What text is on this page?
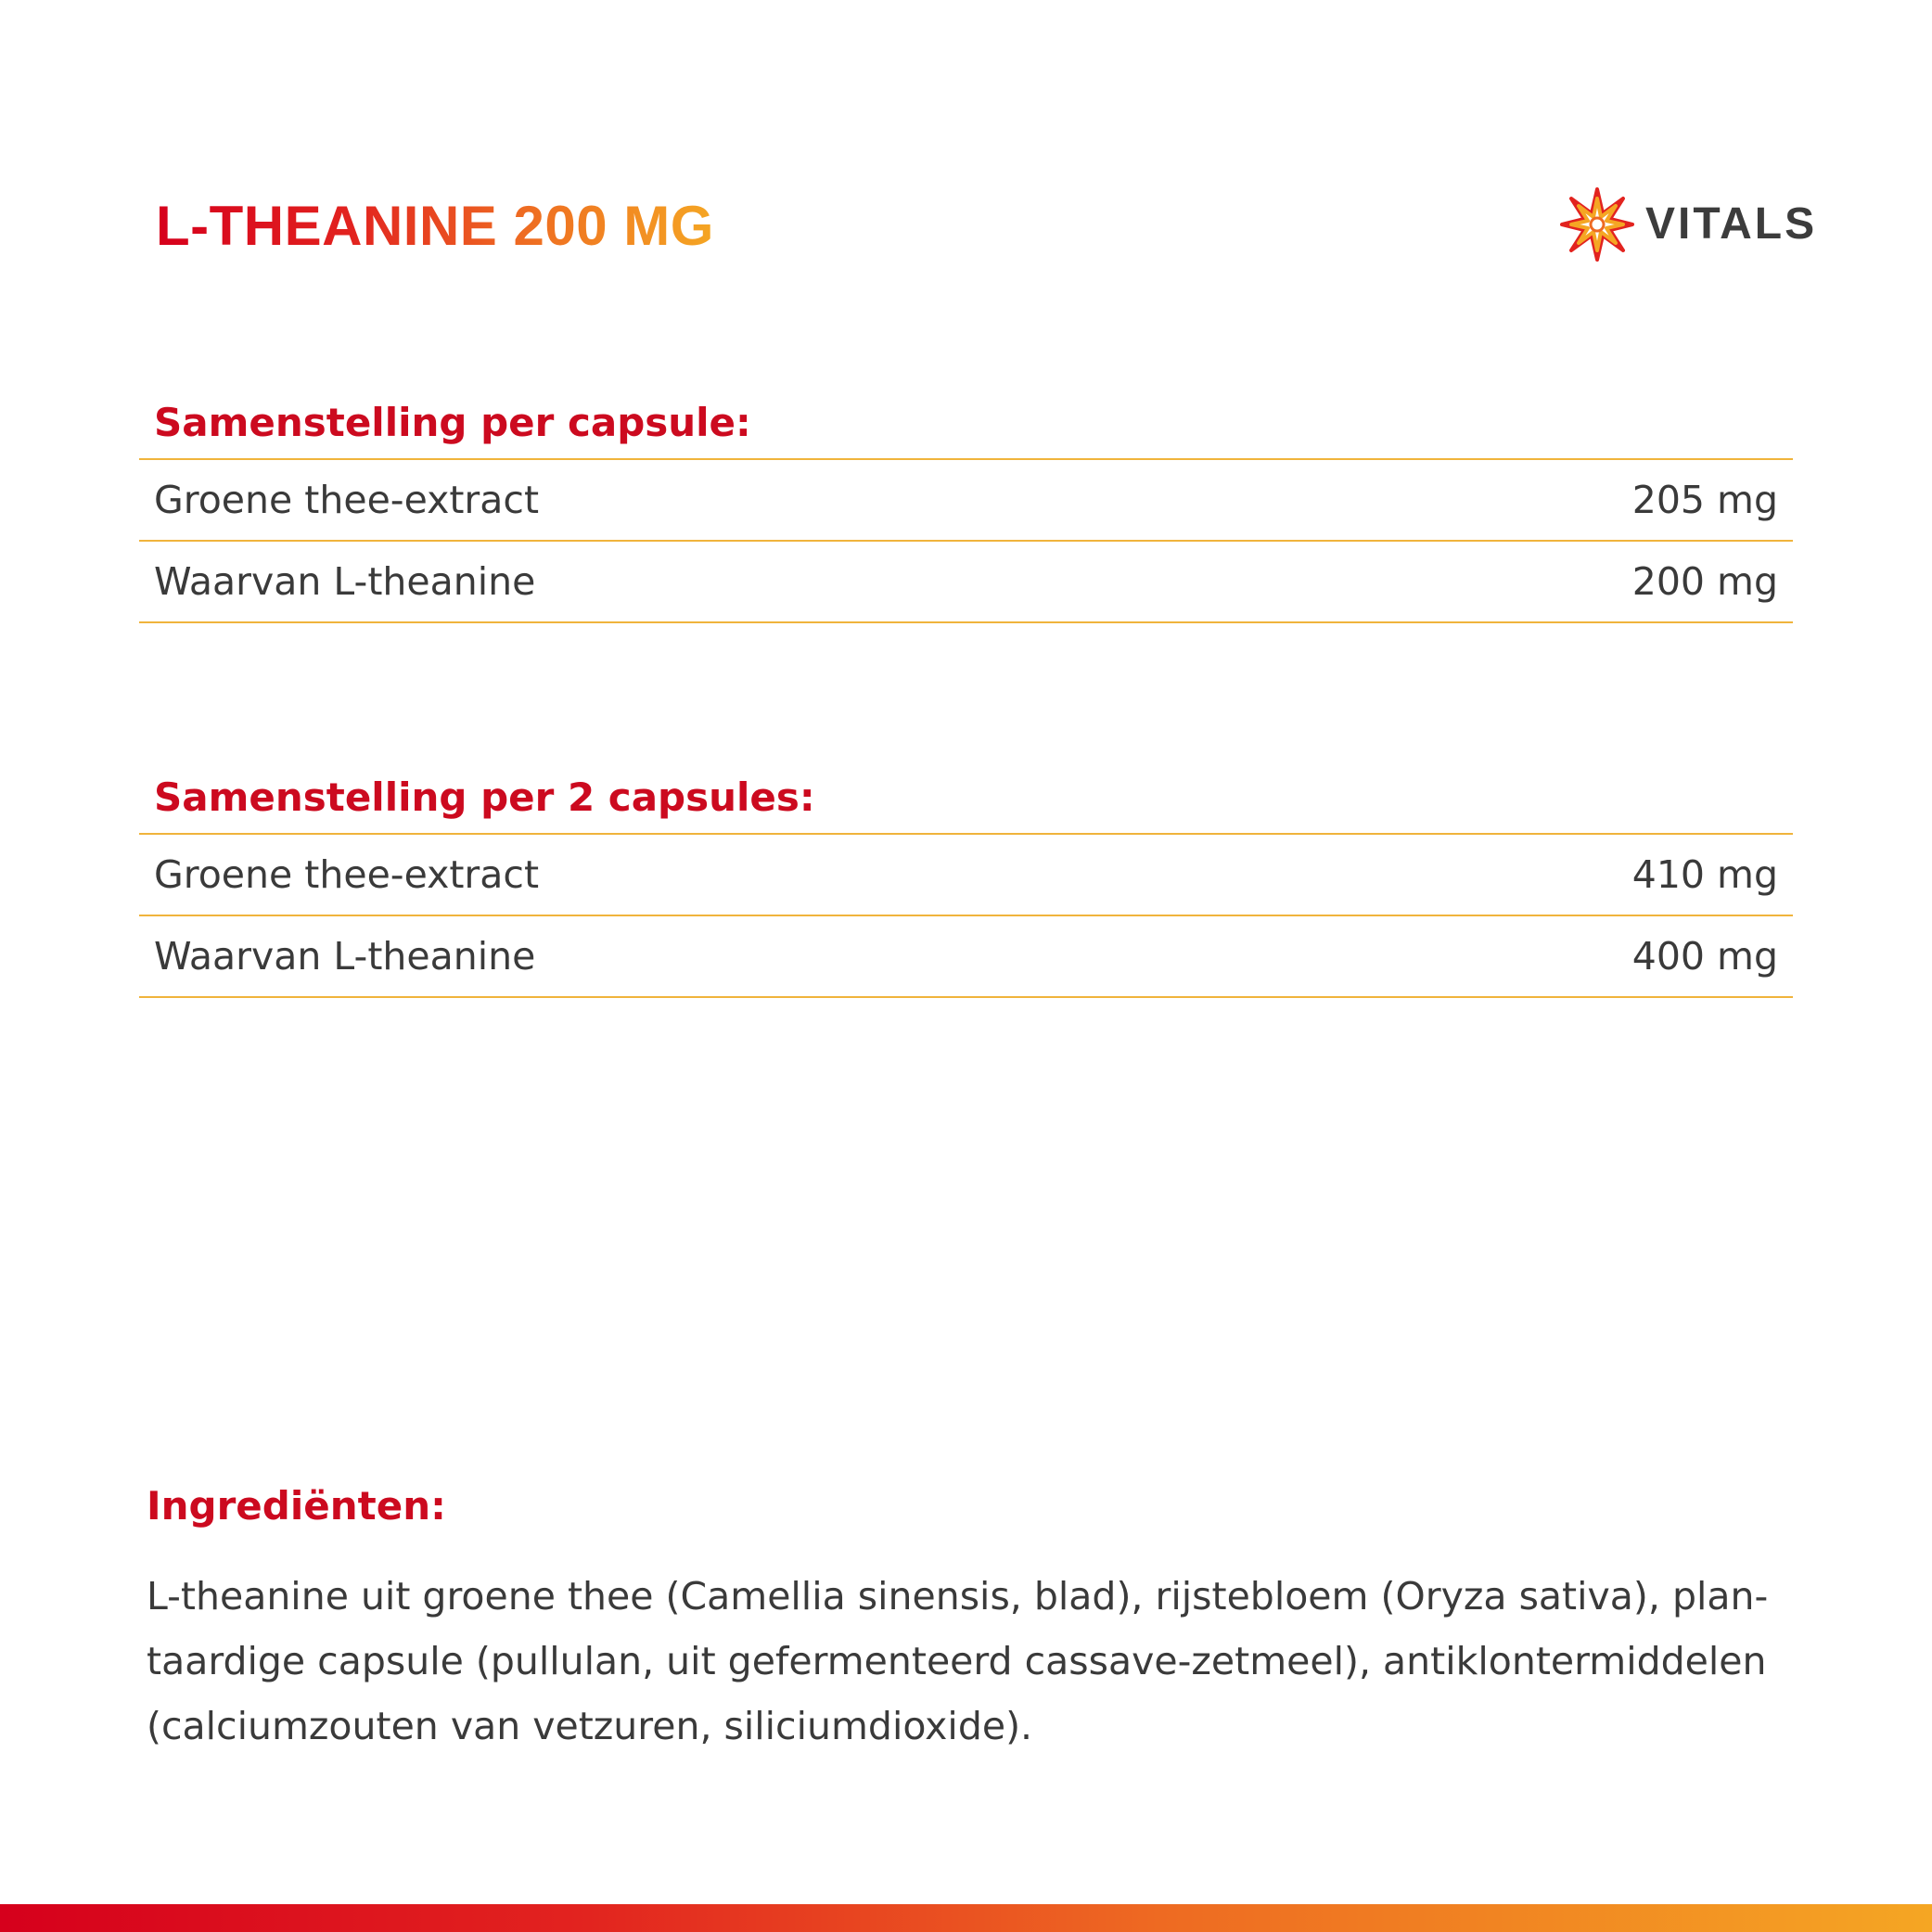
L-THEANINE 200 MG	VITALS
Samenstelling per capsule:
Groene thee-extract	205 mg
Waarvan L-theanine	200 mg
Samenstelling per 2 capsules:
Groene thee-extract	410 mg
Waarvan L-theanine	400 mg
Ingrediënten:
L-theanine uit groene thee (Camellia sinensis, blad), rijstebloem (Oryza sativa), plan-
taardige capsule (pullulan, uit gefermenteerd cassave-zetmeel), antiklontermiddelen
(calciumzouten van vetzuren, siliciumdioxide).
